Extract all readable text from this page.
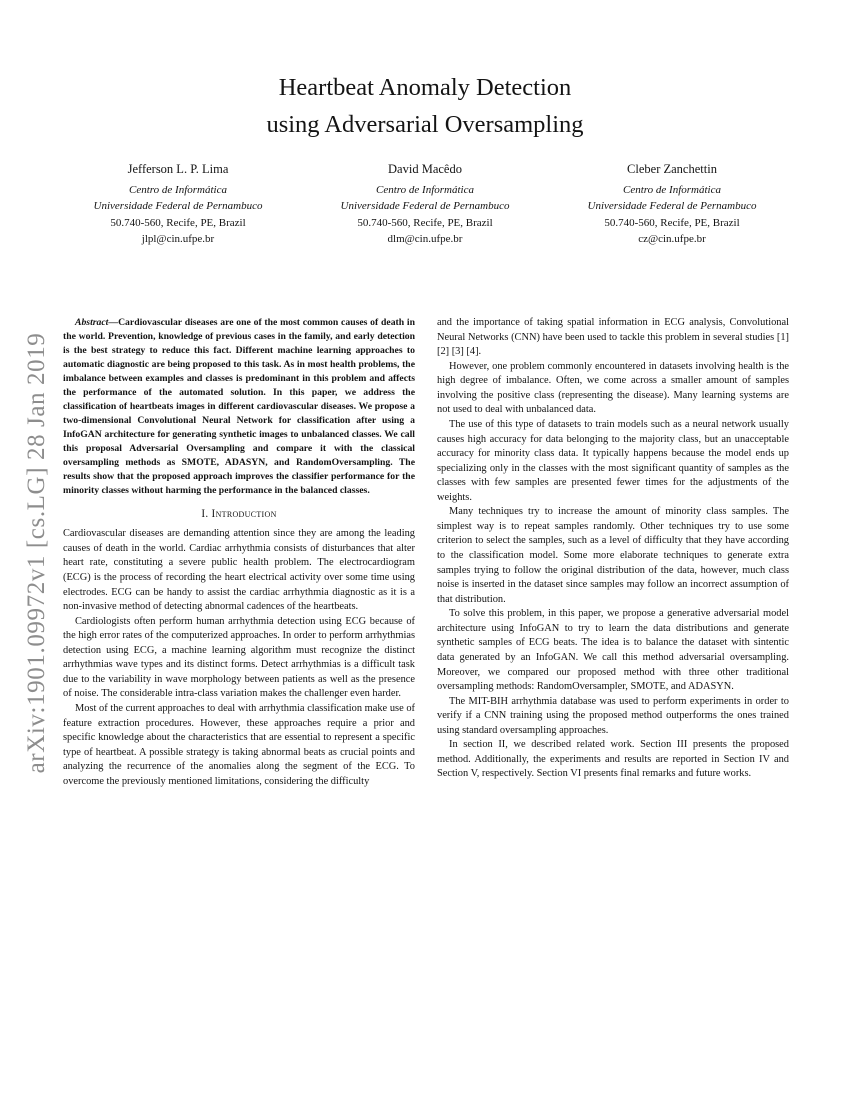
arXiv:1901.09972v1 [cs.LG] 28 Jan 2019
Heartbeat Anomaly Detection
using Adversarial Oversampling
Jefferson L. P. Lima
Centro de Informática
Universidade Federal de Pernambuco
50.740-560, Recife, PE, Brazil
jlpl@cin.ufpe.br
David Macêdo
Centro de Informática
Universidade Federal de Pernambuco
50.740-560, Recife, PE, Brazil
dlm@cin.ufpe.br
Cleber Zanchettin
Centro de Informática
Universidade Federal de Pernambuco
50.740-560, Recife, PE, Brazil
cz@cin.ufpe.br

Abstract—Cardiovascular diseases are one of the most common causes of death in the world. Prevention, knowledge of previous cases in the family, and early detection is the best strategy to reduce this fact. Different machine learning approaches to automatic diagnostic are being proposed to this task. As in most health problems, the imbalance between examples and classes is predominant in this problem and affects the performance of the automated solution. In this paper, we address the classification of heartbeats images in different cardiovascular diseases. We propose a two-dimensional Convolutional Neural Network for classification after using a InfoGAN architecture for generating synthetic images to unbalanced classes. We call this proposal Adversarial Oversampling and compare it with the classical oversampling methods as SMOTE, ADASYN, and RandomOversampling. The results show that the proposed approach improves the classifier performance for the minority classes without harming the performance in the balanced classes.

I. Introduction

Cardiovascular diseases are demanding attention since they are among the leading causes of death in the world. Cardiac arrhythmia consists of disturbances that alter heart rate, constituting a severe public health problem. The electrocardiogram (ECG) is the process of recording the heart electrical activity over some time using electrodes. ECG can be handy to assist the cardiac arrhythmia diagnostic as it is a non-invasive method of detecting abnormal cadences of the heartbeats.

Cardiologists often perform human arrhythmia detection using ECG because of the high error rates of the computerized approaches. In order to perform arrhythmias detection using ECG, a machine learning algorithm must recognize the distinct arrhythmias wave types and its distinct forms. Detect arrhythmias is a difficult task due to the variability in wave morphology between patients as well as the presence of noise. The considerable intra-class variation makes the challenger even harder.

Most of the current approaches to deal with arrhythmia classification make use of feature extraction procedures. However, these approaches require a prior and specific knowledge about the characteristics that are essential to represent a specific type of heartbeat. A possible strategy is taking abnormal beats as crucial points and analyzing the recurrence of the anomalies along the segment of the ECG. To overcome the previously mentioned limitations, considering the difficulty

and the importance of taking spatial information in ECG analysis, Convolutional Neural Networks (CNN) have been used to tackle this problem in several studies [1] [2] [3] [4].

However, one problem commonly encountered in datasets involving health is the high degree of imbalance. Often, we come across a smaller amount of samples involving the positive class (representing the disease). Many learning systems are not used to deal with unbalanced data.

The use of this type of datasets to train models such as a neural network usually causes high accuracy for data belonging to the majority class, but an unacceptable accuracy for minority class data. It typically happens because the model ends up specializing only in the classes with the most significant quantity of samples as the classes with few samples are presented fewer times for the adjustments of the weights.

Many techniques try to increase the amount of minority class samples. The simplest way is to repeat samples randomly. Other techniques try to use some criterion to select the samples, such as a level of difficulty that they have according to the classification model. Some more elaborate techniques to generate extra samples trying to follow the original distribution of the data, however, much class noise is inserted in the dataset since samples may follow an incorrect assumption of that distribution.

To solve this problem, in this paper, we propose a generative adversarial model architecture using InfoGAN to try to learn the data distributions and generate synthetic samples of ECG beats. The idea is to balance the dataset with sintentic data generated by an InfoGAN. We call this method adversarial oversampling. Moreover, we compared our proposed method with three other traditional oversampling methods: RandomOversampler, SMOTE, and ADASYN.

The MIT-BIH arrhythmia database was used to perform experiments in order to verify if a CNN training using the proposed method outperforms the ones trained using standard oversampling approaches.

In section II, we described related work. Section III presents the proposed method. Additionally, the experiments and results are reported in Section IV and Section V, respectively. Section VI presents final remarks and future works.
